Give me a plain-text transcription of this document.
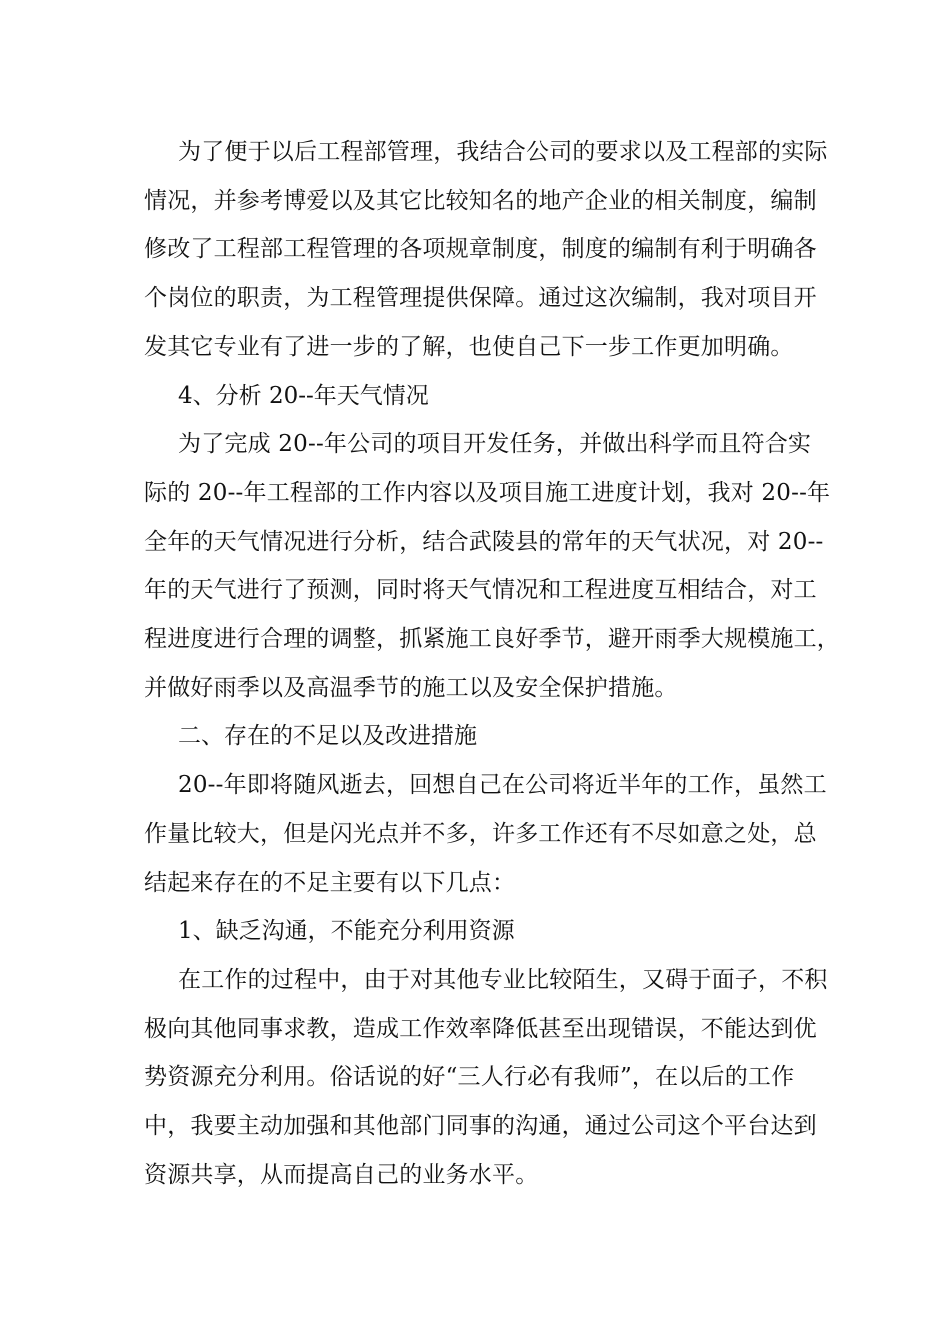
为了便于以后工程部管理，我结合公司的要求以及工程部的实际
情况，并参考博爱以及其它比较知名的地产企业的相关制度，编制
修改了工程部工程管理的各项规章制度，制度的编制有利于明确各
个岗位的职责，为工程管理提供保障。通过这次编制，我对项目开
发其它专业有了进一步的了解，也使自己下一步工作更加明确。

4、分析 20--年天气情况

为了完成 20--年公司的项目开发任务，并做出科学而且符合实
际的 20--年工程部的工作内容以及项目施工进度计划，我对 20--年
全年的天气情况进行分析，结合武陵县的常年的天气状况，对 20--
年的天气进行了预测，同时将天气情况和工程进度互相结合，对工
程进度进行合理的调整，抓紧施工良好季节，避开雨季大规模施工，
并做好雨季以及高温季节的施工以及安全保护措施。

二、存在的不足以及改进措施

20--年即将随风逝去，回想自己在公司将近半年的工作，虽然工
作量比较大，但是闪光点并不多，许多工作还有不尽如意之处，总
结起来存在的不足主要有以下几点：

1、缺乏沟通，不能充分利用资源

在工作的过程中，由于对其他专业比较陌生，又碍于面子，不积
极向其他同事求教，造成工作效率降低甚至出现错误，不能达到优
势资源充分利用。俗话说的好“三人行必有我师”，在以后的工作
中，我要主动加强和其他部门同事的沟通，通过公司这个平台达到
资源共享，从而提高自己的业务水平。
